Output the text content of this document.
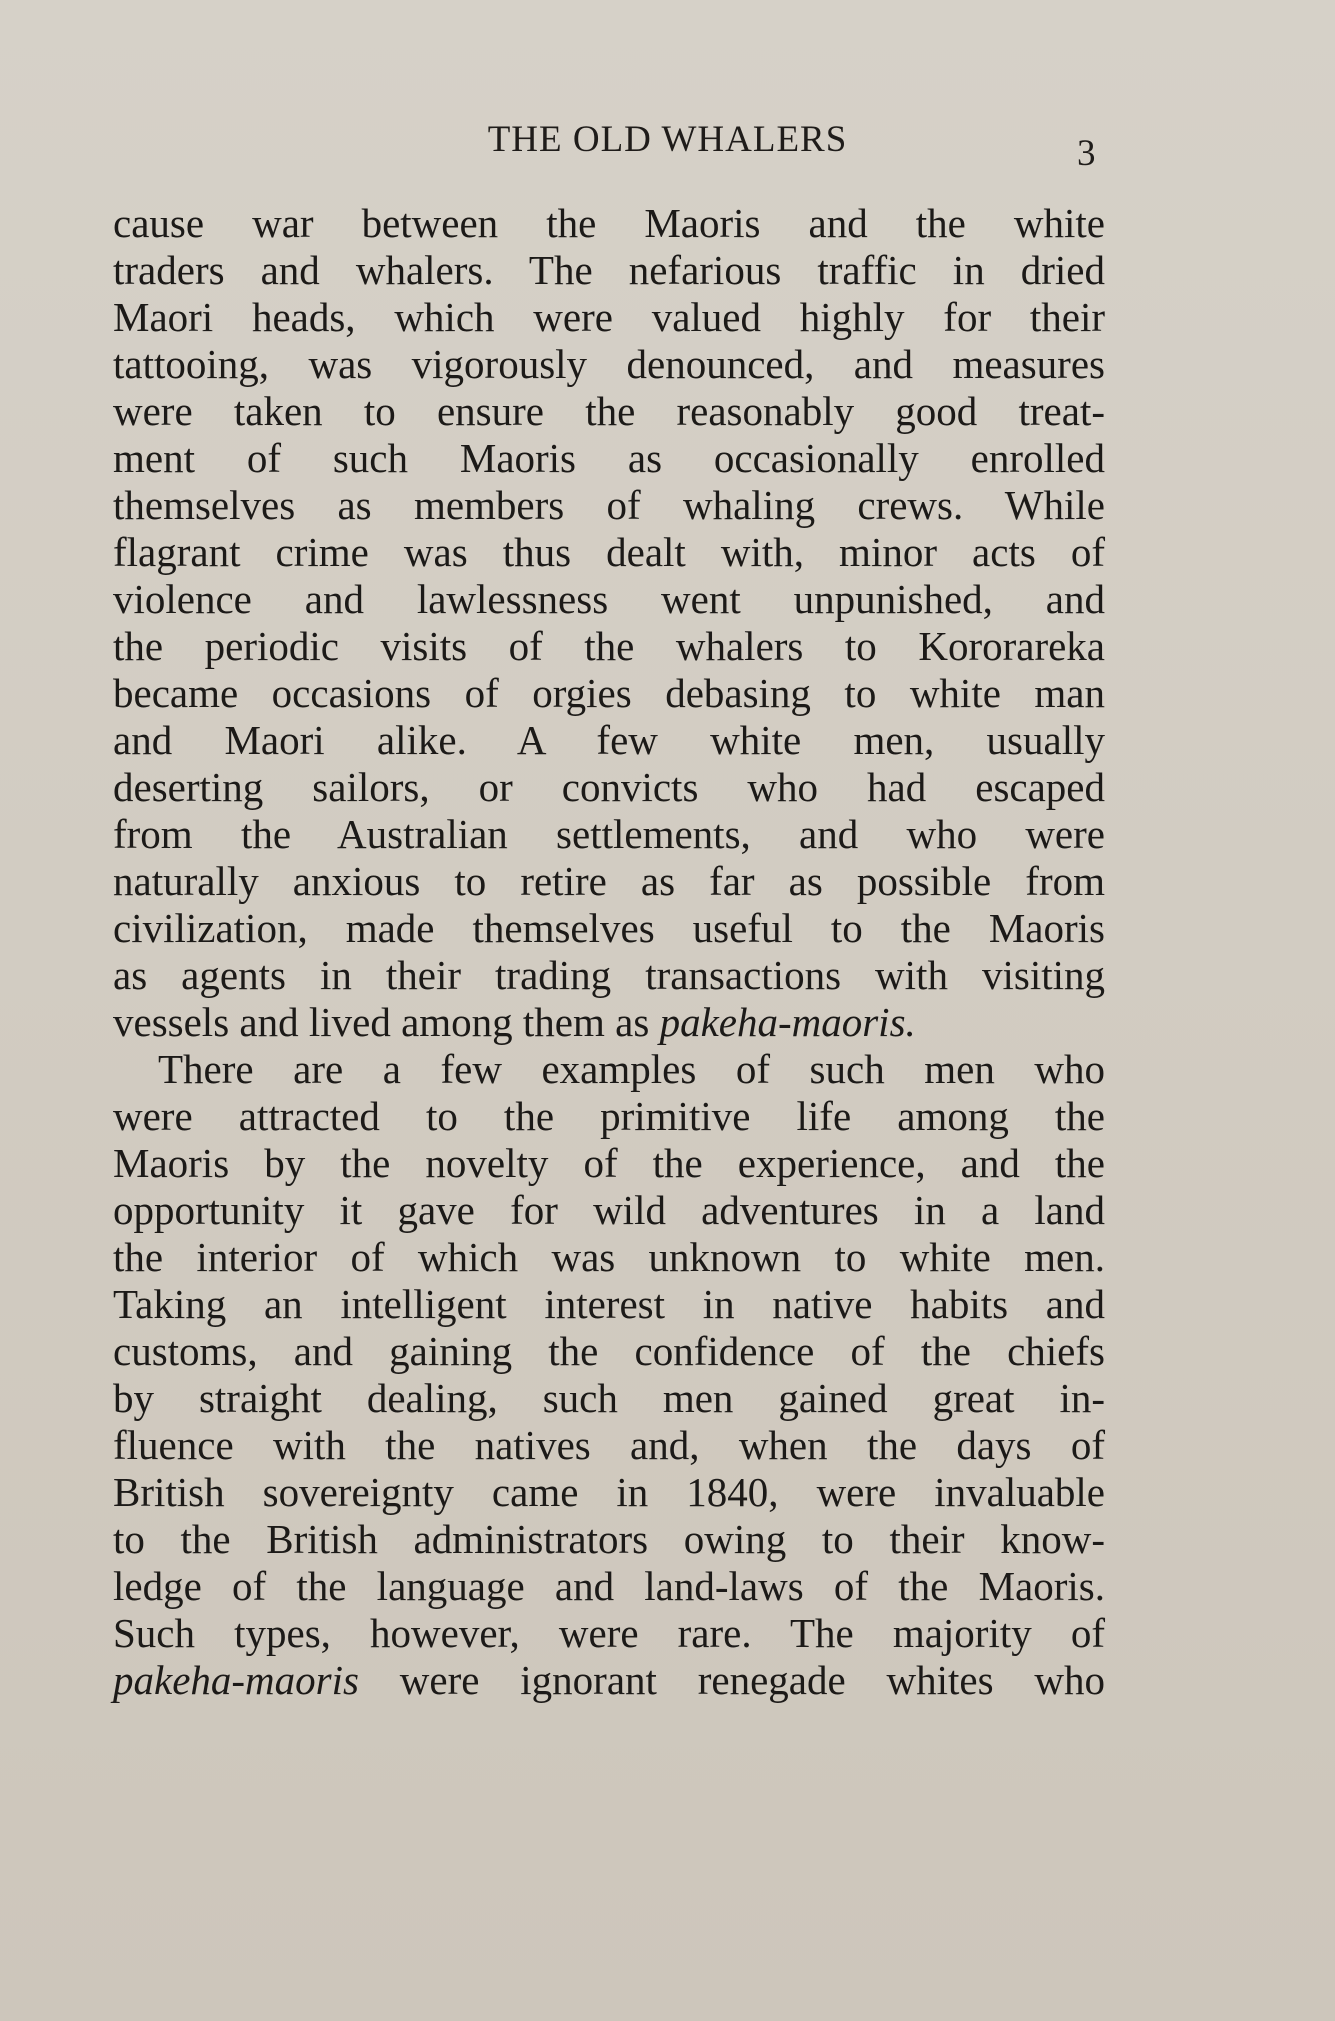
THE OLD WHALERS	3
cause war between the Maoris and the white
traders and whalers. The nefarious traffic in dried
Maori heads, which were valued highly for their
tattooing, was vigorously denounced, and measures
were taken to ensure the reasonably good treat-
ment of such Maoris as occasionally enrolled
themselves as members of whaling crews. While
flagrant crime was thus dealt with, minor acts of
violence and lawlessness went unpunished, and
the periodic visits of the whalers to Kororareka
became occasions of orgies debasing to white man
and Maori alike. A few white men, usually
deserting sailors, or convicts who had escaped
from the Australian settlements, and who were
naturally anxious to retire as far as possible from
civilization, made themselves useful to the Maoris
as agents in their trading transactions with visiting
vessels and lived among them as pakeha-maoris.
There are a few examples of such men who
were attracted to the primitive life among the
Maoris by the novelty of the experience, and the
opportunity it gave for wild adventures in a land
the interior of which was unknown to white men.
Taking an intelligent interest in native habits and
customs, and gaining the confidence of the chiefs
by straight dealing, such men gained great in-
fluence with the natives and, when the days of
British sovereignty came in 1840, were invaluable
to the British administrators owing to their know-
ledge of the language and land-laws of the Maoris.
Such types, however, were rare. The majority of
pakeha-maoris were ignorant renegade whites who
